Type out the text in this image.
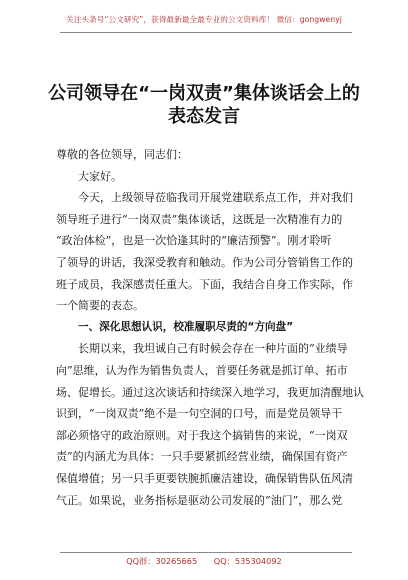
关注头条号“公文研究”，获得最新最全最专业的公文资料库！ 微信：gongwenyj
公司领导在“一岗双责”集体谈话会上的
表态发言

尊敬的各位领导，同志们：

大家好。

今天，上级领导莅临我司开展党建联系点工作，并对我们

领导班子进行“一岗双责”集体谈话，这既是一次精准有力的

“政治体检”，也是一次恰逢其时的“廉洁预警”。刚才聆听

了领导的讲话，我深受教育和触动。作为公司分管销售工作的

班子成员，我深感责任重大。下面，我结合自身工作实际，作

一个简要的表态。

一、深化思想认识，校准履职尽责的“方向盘”

长期以来，我坦诚自己有时候会存在一种片面的“业绩导

向”思维，认为作为销售负责人，首要任务就是抓订单、拓市

场、促增长。通过这次谈话和持续深入地学习，我更加清醒地认

识到，“一岗双责”绝不是一句空洞的口号，而是党员领导干

部必须恪守的政治原则。对于我这个搞销售的来说，“一岗双

责”的内涵尤为具体：一只手要紧抓经营业绩，确保国有资产

保值增值；另一只手更要铁腕抓廉洁建设，确保销售队伍风清

气正。如果说，业务指标是驱动公司发展的“油门”，那么党

QQ群：30265665 QQ：535304092
